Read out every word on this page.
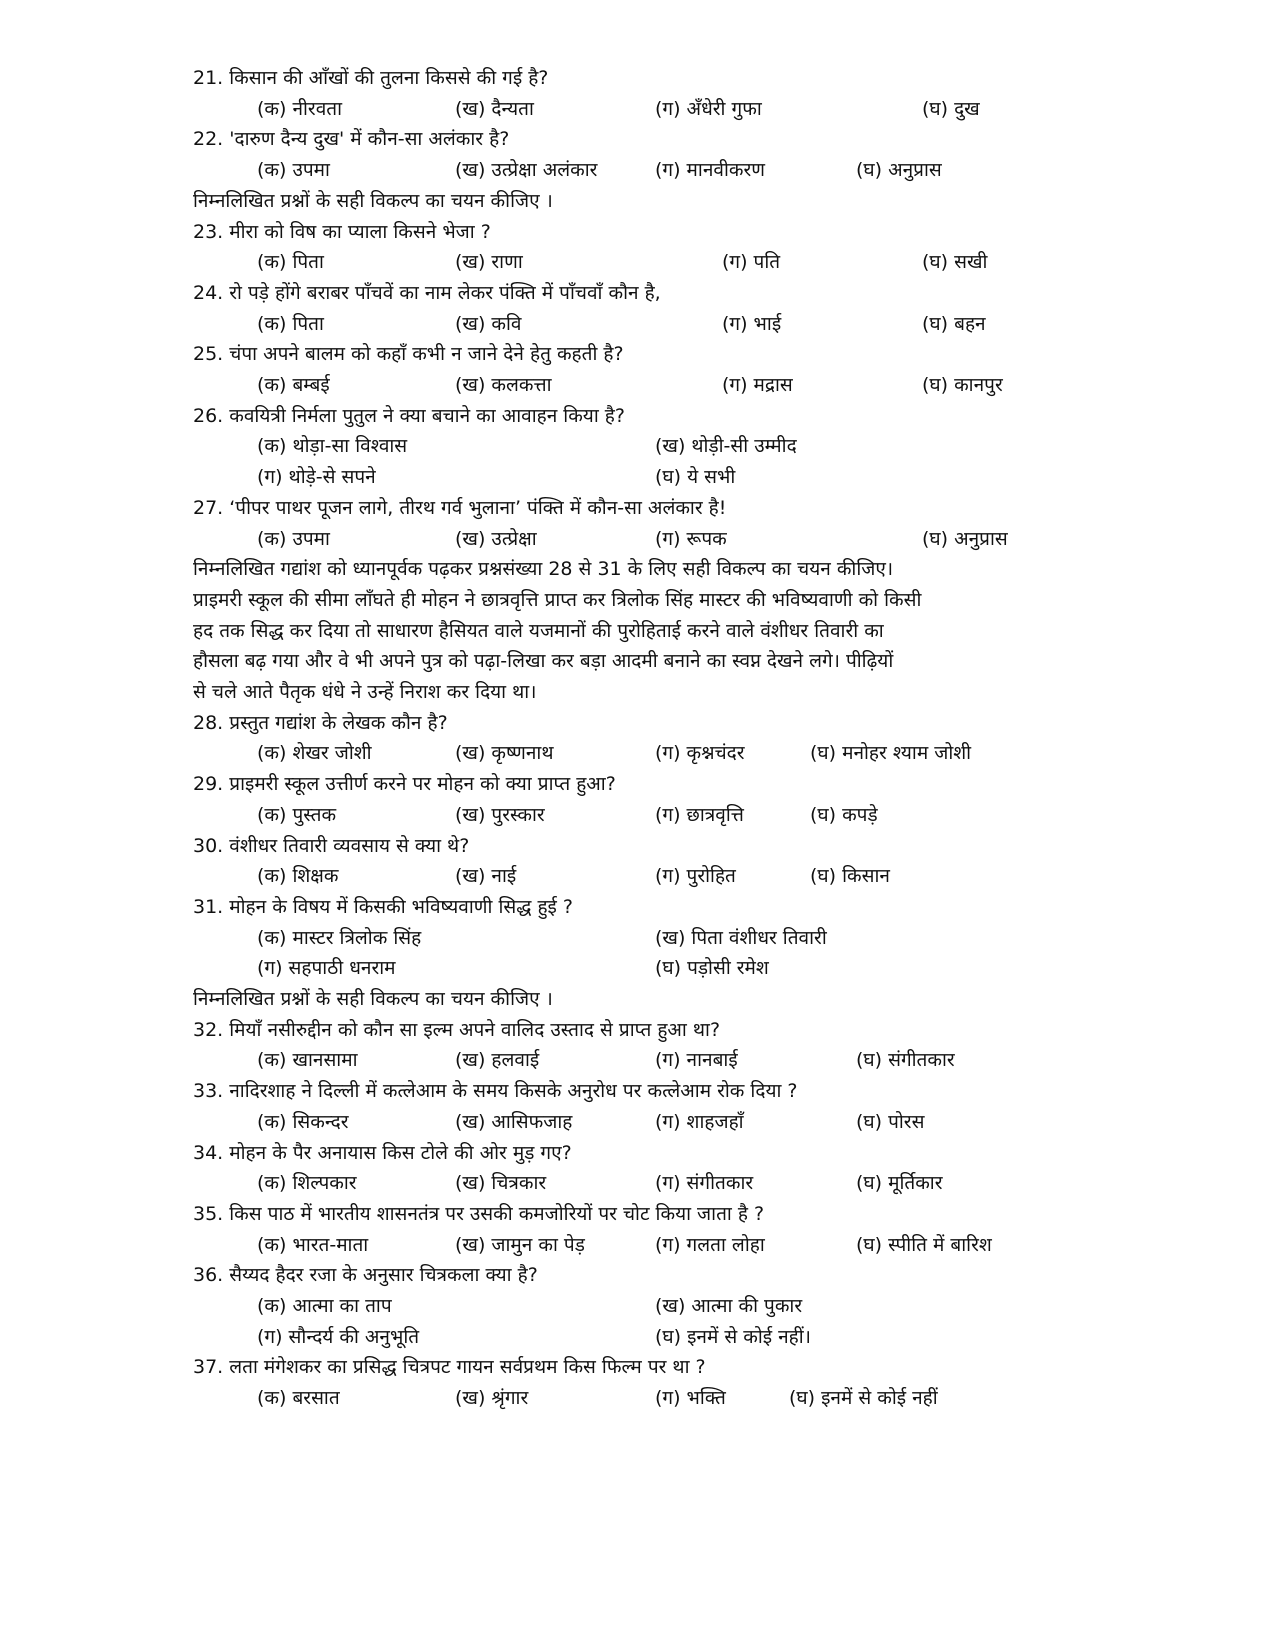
21. किसान की आँखों की तुलना किससे की गई है?
(क) नीरवता	(ख) दैन्यता	(ग) अँधेरी गुफा	(घ) दुख
22. 'दारुण दैन्य दुख' में कौन-सा अलंकार है?
(क) उपमा	(ख) उत्प्रेक्षा अलंकार	(ग) मानवीकरण	(घ) अनुप्रास
निम्नलिखित प्रश्नों के सही विकल्प का चयन कीजिए ।
23. मीरा को विष का प्याला किसने भेजा ?
(क) पिता	(ख) राणा	(ग) पति	(घ) सखी
24. रो पड़े होंगे बराबर पाँचवें का नाम लेकर पंक्ति में पाँचवाँ कौन है,
(क) पिता	(ख) कवि	(ग) भाई	(घ) बहन
25. चंपा अपने बालम को कहाँ कभी न जाने देने हेतु कहती है?
(क) बम्बई	(ख) कलकत्ता	(ग) मद्रास	(घ) कानपुर
26. कवयित्री निर्मला पुतुल ने क्या बचाने का आवाहन किया है?
(क) थोड़ा-सा विश्वास	(ख) थोड़ी-सी उम्मीद
(ग) थोड़े-से सपने	(घ) ये सभी
27. ‘पीपर पाथर पूजन लागे, तीरथ गर्व भुलाना’ पंक्ति में कौन-सा अलंकार है!
(क) उपमा	(ख) उत्प्रेक्षा	(ग) रूपक	(घ) अनुप्रास
निम्नलिखित गद्यांश को ध्यानपूर्वक पढ़कर प्रश्नसंख्या 28 से 31 के लिए सही विकल्प का चयन कीजिए।
प्राइमरी स्कूल की सीमा लाँघते ही मोहन ने छात्रवृत्ति प्राप्त कर त्रिलोक सिंह मास्टर की भविष्यवाणी को किसी
हद तक सिद्ध कर दिया तो साधारण हैसियत वाले यजमानों की पुरोहिताई करने वाले वंशीधर तिवारी का
हौसला बढ़ गया और वे भी अपने पुत्र को पढ़ा-लिखा कर बड़ा आदमी बनाने का स्वप्न देखने लगे। पीढ़ियों
से चले आते पैतृक धंधे ने उन्हें निराश कर दिया था।
28. प्रस्तुत गद्यांश के लेखक कौन है?
(क) शेखर जोशी	(ख) कृष्णनाथ	(ग) कृश्नचंदर	(घ) मनोहर श्याम जोशी
29. प्राइमरी स्कूल उत्तीर्ण करने पर मोहन को क्या प्राप्त हुआ?
(क) पुस्तक	(ख) पुरस्कार	(ग) छात्रवृत्ति	(घ) कपड़े
30. वंशीधर तिवारी व्यवसाय से क्या थे?
(क) शिक्षक	(ख) नाई	(ग) पुरोहित	(घ) किसान
31. मोहन के विषय में किसकी भविष्यवाणी सिद्ध हुई ?
(क) मास्टर त्रिलोक सिंह	(ख) पिता वंशीधर तिवारी
(ग) सहपाठी धनराम	(घ) पड़ोसी रमेश
निम्नलिखित प्रश्नों के सही विकल्प का चयन कीजिए ।
32. मियाँ नसीरुद्दीन को कौन सा इल्म अपने वालिद उस्ताद से प्राप्त हुआ था?
(क) खानसामा	(ख) हलवाई	(ग) नानबाई	(घ) संगीतकार
33. नादिरशाह ने दिल्ली में कत्लेआम के समय किसके अनुरोध पर कत्लेआम रोक दिया ?
(क) सिकन्दर	(ख) आसिफजाह	(ग) शाहजहाँ	(घ) पोरस
34. मोहन के पैर अनायास किस टोले की ओर मुड़ गए?
(क) शिल्पकार	(ख) चित्रकार	(ग) संगीतकार	(घ) मूर्तिकार
35. किस पाठ में भारतीय शासनतंत्र पर उसकी कमजोरियों पर चोट किया जाता है ?
(क) भारत-माता	(ख) जामुन का पेड़	(ग) गलता लोहा	(घ) स्पीति में बारिश
36. सैय्यद हैदर रजा के अनुसार चित्रकला क्या है?
(क) आत्मा का ताप	(ख) आत्मा की पुकार
(ग) सौन्दर्य की अनुभूति	(घ) इनमें से कोई नहीं।
37. लता मंगेशकर का प्रसिद्ध चित्रपट गायन सर्वप्रथम किस फिल्म पर था ?
(क) बरसात	(ख) श्रृंगार	(ग) भक्ति	(घ) इनमें से कोई नहीं
